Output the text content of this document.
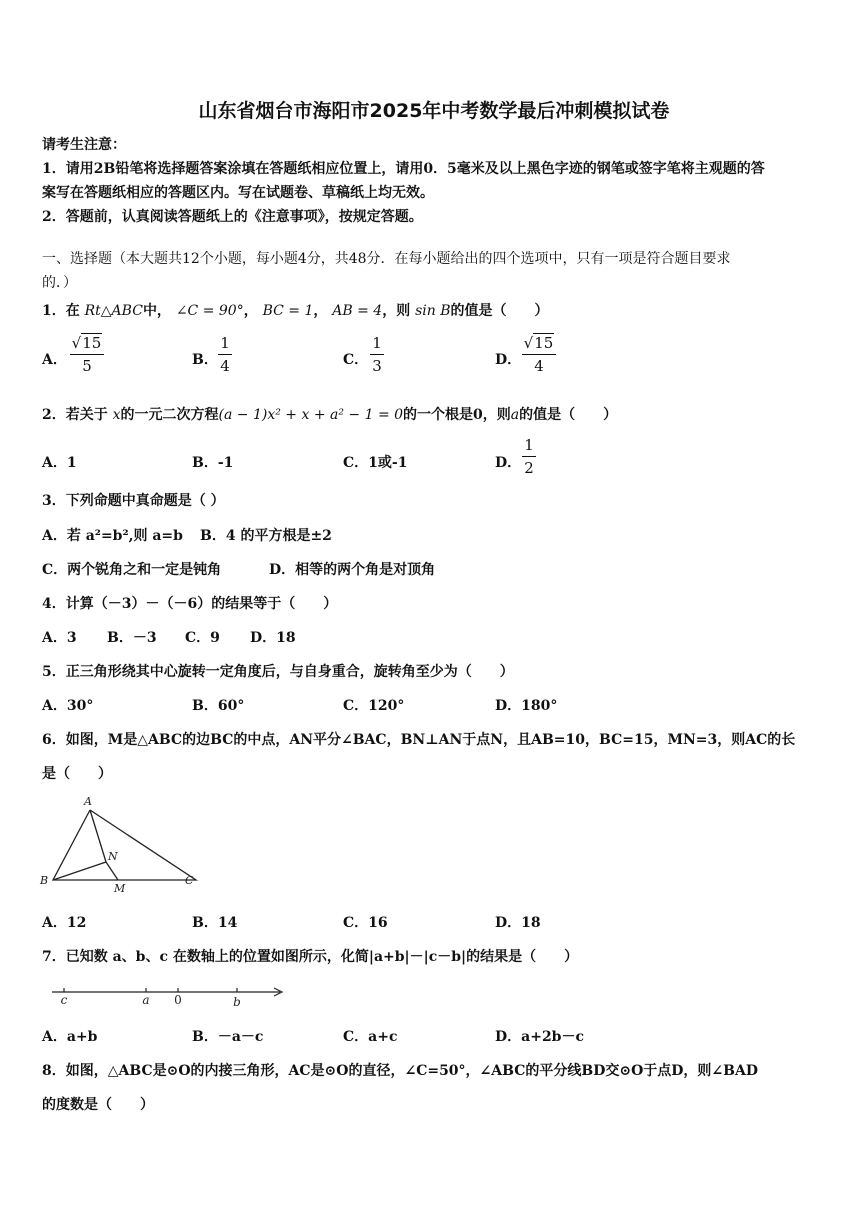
山东省烟台市海阳市2025年中考数学最后冲刺模拟试卷
请考生注意：
1．请用2B铅笔将选择题答案涂填在答题纸相应位置上，请用0．5毫米及以上黑色字迹的钢笔或签字笔将主观题的答
案写在答题纸相应的答题区内。写在试题卷、草稿纸上均无效。
2．答题前，认真阅读答题纸上的《注意事项》，按规定答题。
一、选择题（本大题共12个小题，每小题4分，共48分．在每小题给出的四个选项中，只有一项是符合题目要求
的．）
1．在 Rt△ABC中， ∠C = 90°， BC = 1， AB = 4，则 sin B的值是（　　）
A．
√15
5	B．
1
4	C．
1
3	D．
√15
4
2．若关于 x的一元二次方程(a − 1)x² + x + a² − 1 = 0的一个根是0，则a的值是（　　）
A．1	B．-1	C．1或-1	D．
1
2
3．下列命题中真命题是（ ）
A．若 a²=b²,则 a=b B．4 的平方根是±2
C．两个锐角之和一定是钝角	D．相等的两个角是对顶角
4．计算（－3）－（－6）的结果等于（　　）
A．3 B．－3 C．9 D．18
5．正三角形绕其中心旋转一定角度后，与自身重合，旋转角至少为（　　）
A．30°	B．60°	C．120°	D．180°
6．如图，M是△ABC的边BC的中点，AN平分∠BAC，BN⊥AN于点N，且AB=10，BC=15，MN=3，则AC的长
是（　　）
A
B	C
N
M
A．12	B．14	C．16	D．18
7．已知数 a、b、c 在数轴上的位置如图所示，化简|a+b|－|c－b|的结果是（　　）
c	a 0	b
A．a+b	B．－a－c	C．a+c	D．a+2b－c
8．如图，△ABC是⊙O的内接三角形，AC是⊙O的直径，∠C=50°，∠ABC的平分线BD交⊙O于点D，则∠BAD
的度数是（　　）
